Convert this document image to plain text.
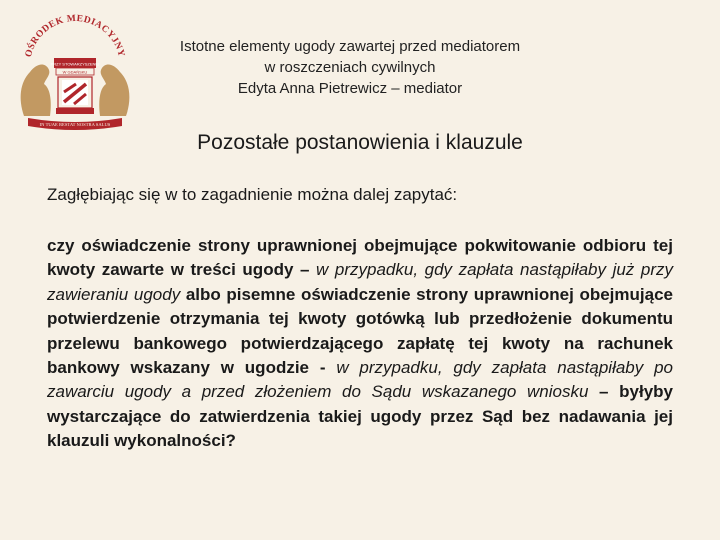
OŚRODEK MEDIACYJNY
PRZY STOWARZYSZENIU
W GDAŃSKU
IN TUAE RESTAT NOSTRA SALUS
Istotne elementy ugody zawartej przed mediatorem
w roszczeniach cywilnych
Edyta Anna Pietrewicz – mediator
Pozostałe postanowienia i klauzule
Zagłębiając się w to zagadnienie można dalej zapytać:
czy oświadczenie strony uprawnionej obejmujące pokwitowanie odbioru tej kwoty zawarte w treści ugody – w przypadku, gdy zapłata nastąpiłaby już przy zawieraniu ugody albo pisemne oświadczenie strony uprawnionej obejmujące potwierdzenie otrzymania tej kwoty gotówką lub przedłożenie dokumentu przelewu bankowego potwierdzającego zapłatę tej kwoty na rachunek bankowy wskazany w ugodzie - w przypadku, gdy zapłata nastąpiłaby po zawarciu ugody a przed złożeniem do Sądu wskazanego wniosku – byłyby wystarczające do zatwierdzenia takiej ugody przez Sąd bez nadawania jej klauzuli wykonalności?
